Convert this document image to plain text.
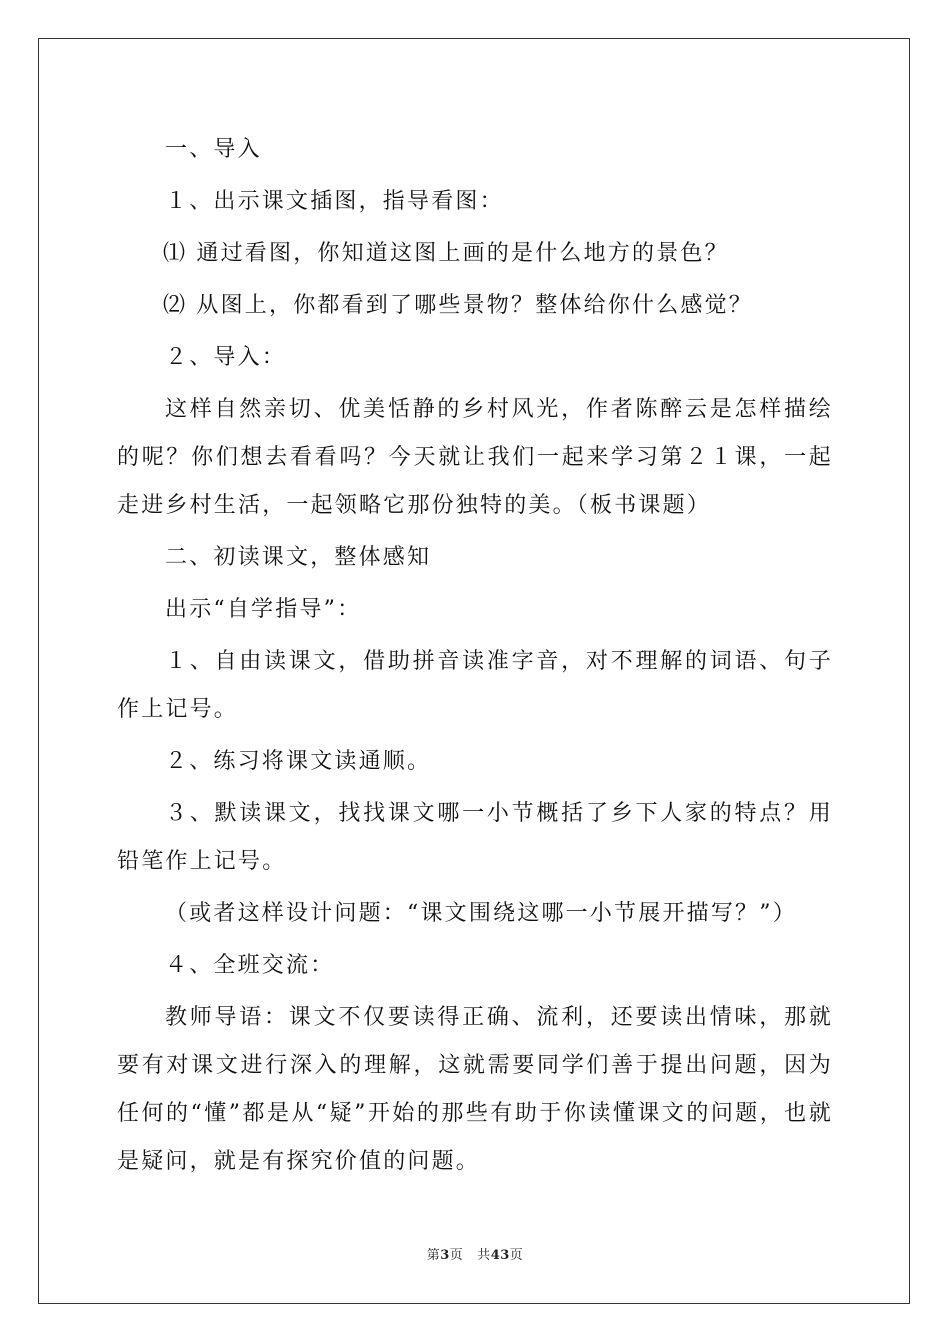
一、导入

１、出示课文插图，指导看图：

⑴ 通过看图，你知道这图上画的是什么地方的景色？

⑵ 从图上，你都看到了哪些景物？整体给你什么感觉？

２、导入：

这样自然亲切、优美恬静的乡村风光，作者陈醉云是怎样描绘的呢？你们想去看看吗？今天就让我们一起来学习第２１课，一起走进乡村生活，一起领略它那份独特的美。（板书课题）

二、初读课文，整体感知

出示“自学指导”：

１、自由读课文，借助拼音读准字音，对不理解的词语、句子作上记号。

２、练习将课文读通顺。

３、默读课文，找找课文哪一小节概括了乡下人家的特点？用铅笔作上记号。

（或者这样设计问题：“课文围绕这哪一小节展开描写？”）

４、全班交流：

教师导语：课文不仅要读得正确、流利，还要读出情味，那就要有对课文进行深入的理解，这就需要同学们善于提出问题，因为任何的“懂”都是从“疑”开始的那些有助于你读懂课文的问题，也就是疑问，就是有探究价值的问题。

第3页 共43页
